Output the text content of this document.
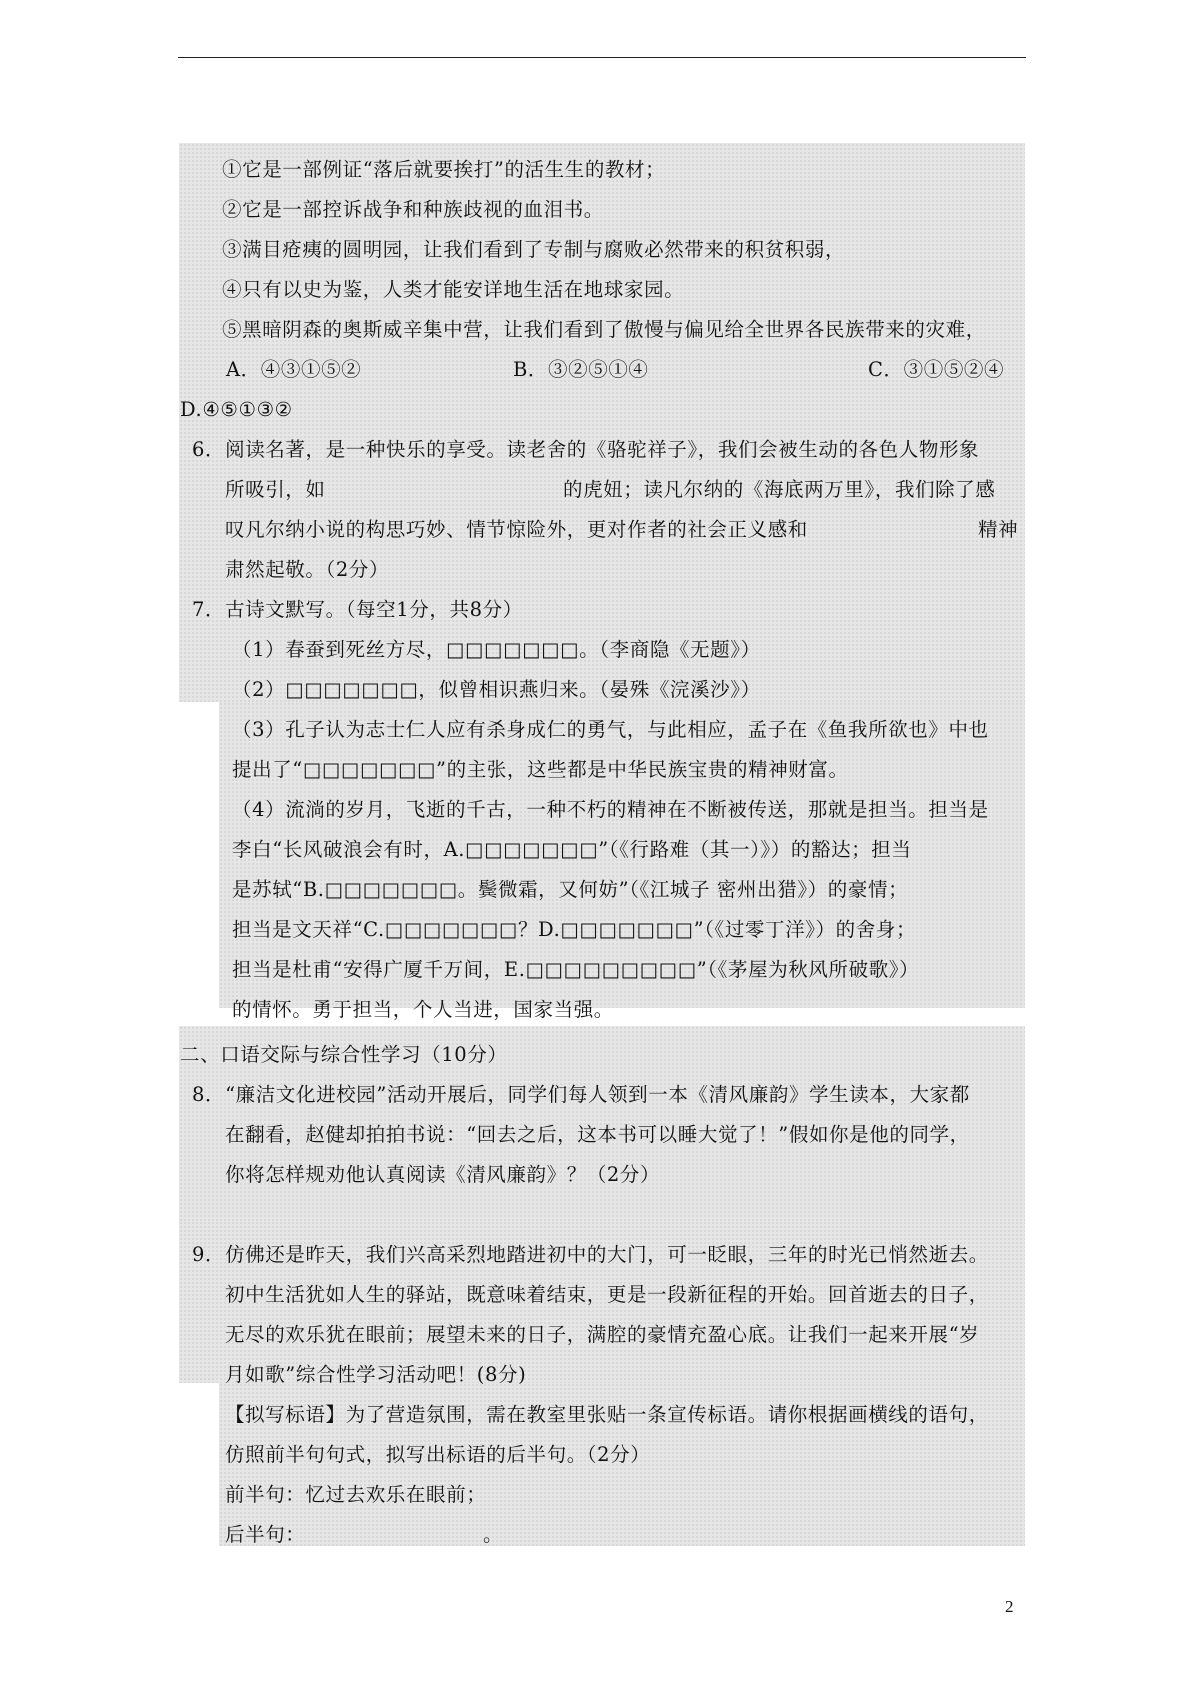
①它是一部例证“落后就要挨打”的活生生的教材；
②它是一部控诉战争和种族歧视的血泪书。
③满目疮痍的圆明园，让我们看到了专制与腐败必然带来的积贫积弱，
④只有以史为鉴，人类才能安详地生活在地球家园。
⑤黑暗阴森的奥斯威辛集中营，让我们看到了傲慢与偏见给全世界各民族带来的灾难，
A．④③①⑤②	B．③②⑤①④	C．③①⑤②④
D.④⑤①③②
6．阅读名著，是一种快乐的享受。读老舍的《骆驼祥子》，我们会被生动的各色人物形象
所吸引，如	的虎妞；读凡尔纳的《海底两万里》，我们除了感
叹凡尔纳小说的构思巧妙、情节惊险外，更对作者的社会正义感和	精神
肃然起敬。（2分）
7．古诗文默写。（每空1分，共8分）
（1）春蚕到死丝方尽，□□□□□□□。（李商隐《无题》）
（2）□□□□□□□，似曾相识燕归来。（晏殊《浣溪沙》）
（3）孔子认为志士仁人应有杀身成仁的勇气，与此相应，孟子在《鱼我所欲也》中也
提出了“□□□□□□□”的主张，这些都是中华民族宝贵的精神财富。
（4）流淌的岁月，飞逝的千古，一种不朽的精神在不断被传送，那就是担当。担当是
李白“长风破浪会有时，A.□□□□□□□”（《行路难（其一）》）的豁达；担当
是苏轼“B.□□□□□□□。鬓微霜，又何妨”（《江城子 密州出猎》）的豪情；
担当是文天祥“C.□□□□□□□？D.□□□□□□□”（《过零丁洋》）的舍身；
担当是杜甫“安得广厦千万间，E.□□□□□□□□□”（《茅屋为秋风所破歌》）
的情怀。勇于担当，个人当进，国家当强。
二、口语交际与综合性学习（10分）
8．“廉洁文化进校园”活动开展后，同学们每人领到一本《清风廉韵》学生读本，大家都
在翻看，赵健却拍拍书说：“回去之后，这本书可以睡大觉了！”假如你是他的同学，
你将怎样规劝他认真阅读《清风廉韵》？（2分）
9．仿佛还是昨天，我们兴高采烈地踏进初中的大门，可一眨眼，三年的时光已悄然逝去。
初中生活犹如人生的驿站，既意味着结束，更是一段新征程的开始。回首逝去的日子，
无尽的欢乐犹在眼前；展望未来的日子，满腔的豪情充盈心底。让我们一起来开展“岁
月如歌”综合性学习活动吧！(8分)
【拟写标语】为了营造氛围，需在教室里张贴一条宣传标语。请你根据画横线的语句，
仿照前半句句式，拟写出标语的后半句。（2分）
前半句：忆过去欢乐在眼前；
后半句：	。
2
